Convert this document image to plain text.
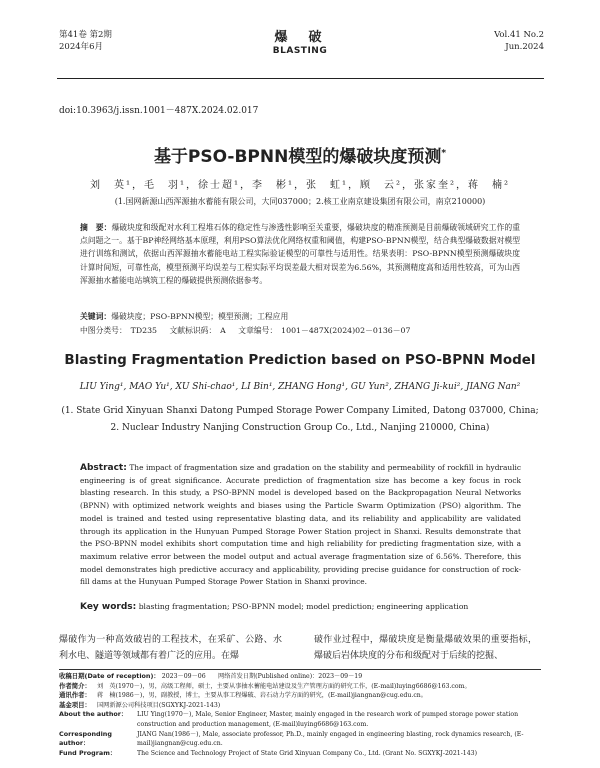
第41卷 第2期
2024年6月
爆　破
BLASTING
Vol.41 No.2
Jun.2024
doi:10.3963/j.issn.1001－487X.2024.02.017
基于PSO-BPNN模型的爆破块度预测*
刘　英¹，毛　羽¹，徐士超¹，李　彬¹，张　虹¹，顾　云²，张家奎²，蒋　楠²
(1.国网新源山西浑源抽水蓄能有限公司，大同037000；2.核工业南京建设集团有限公司，南京210000)
摘　要：爆破块度和级配对水利工程堆石体的稳定性与渗透性影响至关重要，爆破块度的精准预测是目前爆破领域研究工作的重点问题之一。基于BP神经网络基本原理，利用PSO算法优化网络权重和阈值，构建PSO-BPNN模型，结合典型爆破数据对模型进行训练和测试，依据山西浑源抽水蓄能电站工程实际验证模型的可靠性与适用性。结果表明：PSO-BPNN模型预测爆破块度计算时间短，可靠性高，模型预测平均误差与工程实际平均误差最大相对误差为6.56%，其预测精度高和适用性较高，可为山西浑源抽水蓄能电站填筑工程的爆破提供预测依据参考。
关键词：爆破块度；PSO-BPNN模型；模型预测；工程应用
中图分类号：　TD235 文献标识码：　A 文章编号：　1001－487X(2024)02－0136－07
Blasting Fragmentation Prediction based on PSO-BPNN Model
LIU Ying¹, MAO Yu¹, XU Shi-chao¹, LI Bin¹, ZHANG Hong¹, GU Yun², ZHANG Ji-kui², JIANG Nan²
(1. State Grid Xinyuan Shanxi Datong Pumped Storage Power Company Limited, Datong 037000, China; 2. Nuclear Industry Nanjing Construction Group Co., Ltd., Nanjing 210000, China)
Abstract: The impact of fragmentation size and gradation on the stability and permeability of rockfill in hydraulic engineering is of great significance. Accurate prediction of fragmentation size has become a key focus in rock blasting research. In this study, a PSO-BPNN model is developed based on the Backpropagation Neural Networks (BPNN) with optimized network weights and biases using the Particle Swarm Optimization (PSO) algorithm. The model is trained and tested using representative blasting data, and its reliability and applicability are validated through its application in the Hunyuan Pumped Storage Power Station project in Shanxi. Results demonstrate that the PSO-BPNN model exhibits short computation time and high reliability for predicting fragmentation size, with a maximum relative error between the model output and actual average fragmentation size of 6.56%. Therefore, this model demonstrates high predictive accuracy and applicability, providing precise guidance for construction of rock-fill dams at the Hunyuan Pumped Storage Power Station in Shanxi province.
Key words: blasting fragmentation; PSO-BPNN model; model prediction; engineering application
爆破作为一种高效破岩的工程技术，在采矿、公路、水利水电、隧道等领域都有着广泛的应用。在爆
破作业过程中，爆破块度是衡量爆破效果的重要指标，爆破后岩体块度的分布和级配对于后续的挖掘、
收稿日期(Date of reception)： 2023－09－06　　网络首发日期(Published online)：2023－09－19
作者简介： 刘　英(1970－)，男，高级工程师，硕士，主要从事抽水蓄能电站建设及生产管理方面的研究工作，(E-mail)luying6686@163.com。
通讯作者： 蒋　楠(1986－)，男，副教授，博士，主要从事工程爆破、岩石动力学方面的研究，(E-mail)jiangnan@cug.edu.cn。
基金项目： 国网新源公司科技项目(SGXYKJ-2021-143)
About the author：	LIU Ying(1970－), Male, Senior Engineer, Master, mainly engaged in the research work of pumped storage power station construction and production management, (E-mail)luying6686@163.com.
Corresponding author：
JIANG Nan(1986－), Male, associate professor, Ph.D., mainly engaged in engineering blasting, rock dynamics research, (E-mail)jiangnan@cug.edu.cn.
Fund Program：	The Science and Technology Project of State Grid Xinyuan Company Co., Ltd. (Grant No. SGXYKJ-2021-143)
